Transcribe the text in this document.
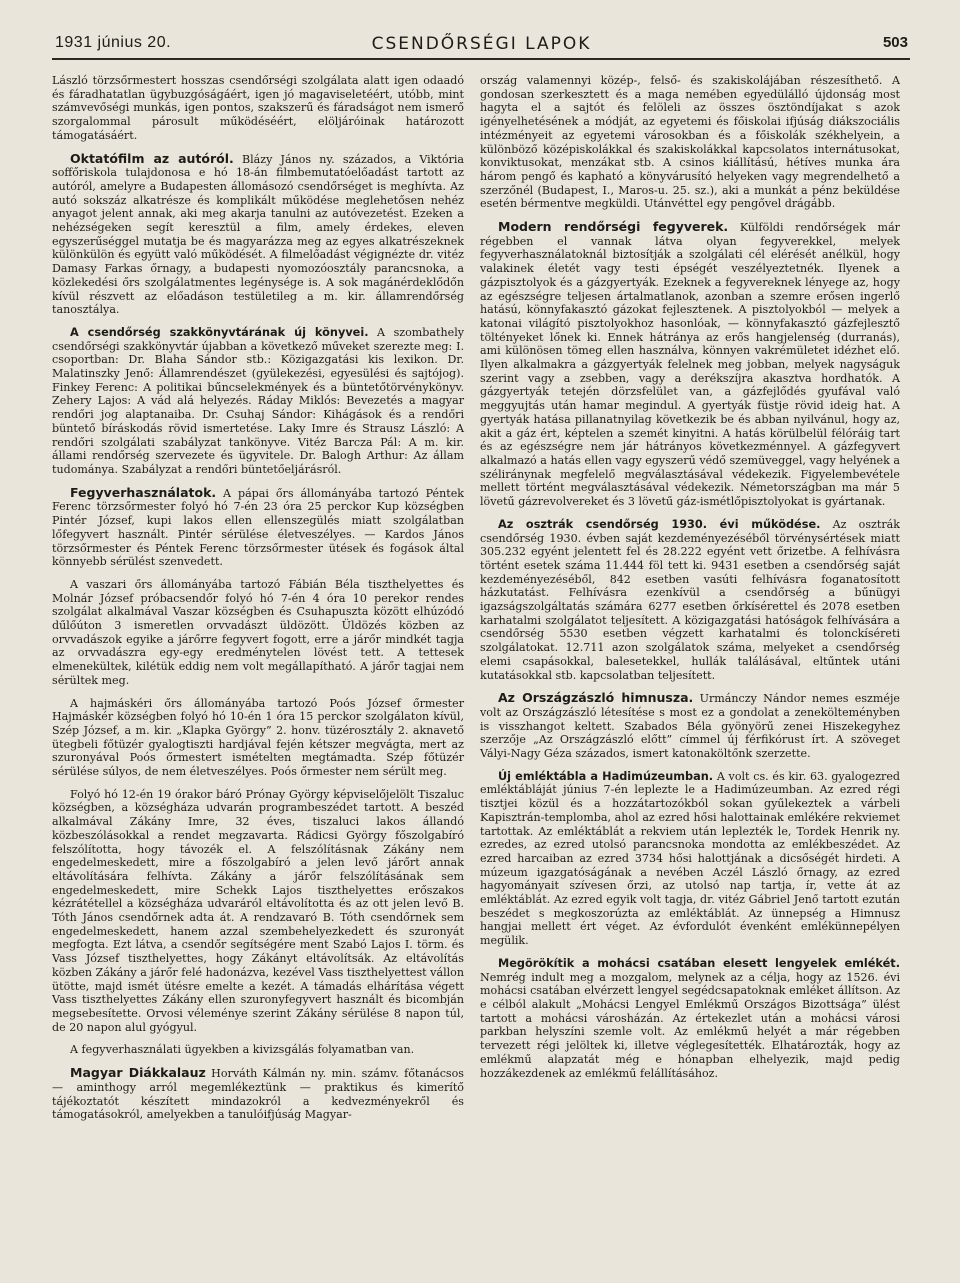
1931 június 20.	CSENDŐRSÉGI LAPOK	503

László törzsőrmestert hosszas csendőrségi szolgálata alatt igen odaadó és fáradhatatlan ügybuzgóságáért, igen jó magaviseletéért, utóbb, mint számvevőségi munkás, igen pontos, szakszerű és fáradságot nem ismerő szorgalommal párosult működéséért, elöljáróinak határozott támogatásáért.

Oktatófilm az autóról. Blázy János ny. százados, a Viktória soffőriskola tulajdonosa e hó 18-án filmbemutatóelőadást tartott az autóról, amelyre a Budapesten állomásozó csendőrséget is meghívta. Az autó sokszáz alkatrésze és komplikált működése meglehetősen nehéz anyagot jelent annak, aki meg akarja tanulni az autóvezetést. Ezeken a nehézségeken segít keresztül a film, amely érdekes, eleven egyszerűséggel mutatja be és magyarázza meg az egyes alkatrészeknek különkülön és együtt való működését. A filmelőadást végignézte dr. vitéz Damasy Farkas őrnagy, a budapesti nyomozóosztály parancsnoka, a közlekedési őrs szolgálatmentes legénysége is. A sok magánérdeklődőn kívül részvett az előadáson testületileg a m. kir. államrendőrség tanosztálya.

A csendőrség szakkönyvtárának új könyvei. A szombathely csendőrségi szakkönyvtár újabban a következő műveket szerezte meg: I. csoportban: Dr. Blaha Sándor stb.: Közigazgatási kis lexikon. Dr. Malatinszky Jenő: Államrendészet (gyülekezési, egyesülési és sajtójog). Finkey Ferenc: A politikai bűncselekmények és a büntetőtörvénykönyv. Zehery Lajos: A vád alá helyezés. Ráday Miklós: Bevezetés a magyar rendőri jog alaptanaiba. Dr. Csuhaj Sándor: Kihágások és a rendőri büntető bíráskodás rövid ismertetése. Laky Imre és Strausz László: A rendőri szolgálati szabályzat tankönyve. Vitéz Barcza Pál: A m. kir. állami rendőrség szervezete és ügyvitele. Dr. Balogh Arthur: Az állam tudománya. Szabályzat a rendőri büntetőeljárásról.

Fegyverhasználatok. A pápai őrs állományába tartozó Péntek Ferenc törzsőrmester folyó hó 7-én 23 óra 25 perckor Kup községben Pintér József, kupi lakos ellen ellenszegülés miatt szolgálatban lőfegyvert használt. Pintér sérülése életveszélyes. — Kardos János törzsőrmester és Péntek Ferenc törzsőrmester ütések és fogások által könnyebb sérülést szenvedett.

A vaszari őrs állományába tartozó Fábián Béla tiszthelyettes és Molnár József próbacsendőr folyó hó 7-én 4 óra 10 perekor rendes szolgálat alkalmával Vaszar községben és Csuhapuszta között elhúzódó dűlőúton 3 ismeretlen orvvadászt üldözött. Üldözés közben az orvvadászok egyike a járőrre fegyvert fogott, erre a járőr mindkét tagja az orvvadászra egy-egy eredménytelen lövést tett. A tettesek elmenekültek, kilétük eddig nem volt megállapítható. A járőr tagjai nem sérültek meg.

A hajmáskéri őrs állományába tartozó Poós József őrmester Hajmáskér községben folyó hó 10-én 1 óra 15 perckor szolgálaton kívül, Szép József, a m. kir. „Klapka György” 2. honv. tüzérosztály 2. aknavető ütegbeli főtüzér gyalogtiszti hardjával fején kétszer megvágta, mert az szuronyával Poós őrmestert ismételten megtámadta. Szép főtüzér sérülése súlyos, de nem életveszélyes. Poós őrmester nem sérült meg.

Folyó hó 12-én 19 órakor báró Prónay György képviselőjelölt Tiszaluc községben, a községháza udvarán programbeszédet tartott. A beszéd alkalmával Zákány Imre, 32 éves, tiszaluci lakos állandó közbeszólásokkal a rendet megzavarta. Rádicsi György főszolgabíró felszólította, hogy távozék el. A felszólításnak Zákány nem engedelmeskedett, mire a főszolgabíró a jelen levő járőrt annak eltávolítására felhívta. Zákány a járőr felszólításának sem engedelmeskedett, mire Schekk Lajos tiszthelyettes erőszakos kézrátétellel a községháza udvaráról eltávolította és az ott jelen levő B. Tóth János csendőrnek adta át. A rendzavaró B. Tóth csendőrnek sem engedelmeskedett, hanem azzal szembehelyezkedett és szuronyát megfogta. Ezt látva, a csendőr segítségére ment Szabó Lajos I. törm. és Vass József tiszthelyettes, hogy Zákányt eltávolítsák. Az eltávolítás közben Zákány a járőr felé hadonázva, kezével Vass tiszthelyettest vállon ütötte, majd ismét ütésre emelte a kezét. A támadás elhárítása végett Vass tiszthelyettes Zákány ellen szuronyfegyvert használt és bicombján megsebesítette. Orvosi véleménye szerint Zákány sérülése 8 napon túl, de 20 napon alul gyógyul.

A fegyverhasználati ügyekben a kivizsgálás folyamatban van.

Magyar Diákkalauz Horváth Kálmán ny. min. számv. főtanácsos — aminthogy arról megemlékeztünk — praktikus és kimerítő tájékoztatót készített mindazokról a kedvezményekről és támogatásokról, amelyekben a tanulóifjúság Magyar-

ország valamennyi közép-, felső- és szakiskolájában részesíthető. A gondosan szerkesztett és a maga nemében egyedülálló újdonság most hagyta el a sajtót és felöleli az összes ösztöndíjakat s azok igényelhetésének a módját, az egyetemi és főiskolai ifjúság diákszociális intézményeit az egyetemi városokban és a főiskolák székhelyein, a különböző középiskolákkal és szakiskolákkal kapcsolatos internátusokat, konviktusokat, menzákat stb. A csinos kiállítású, hétíves munka ára három pengő és kapható a könyvárusító helyeken vagy megrendelhető a szerzőnél (Budapest, I., Maros-u. 25. sz.), aki a munkát a pénz beküldése esetén bérmentve megküldi. Utánvéttel egy pengővel drágább.

Modern rendőrségi fegyverek. Külföldi rendőrségek már régebben el vannak látva olyan fegyverekkel, melyek fegyverhasználatoknál biztosítják a szolgálati cél elérését anélkül, hogy valakinek életét vagy testi épségét veszélyeztetnék. Ilyenek a gázpisztolyok és a gázgyertyák. Ezeknek a fegyvereknek lényege az, hogy az egészségre teljesen ártalmatlanok, azonban a szemre erősen ingerlő hatású, könnyfakasztó gázokat fejlesztenek. A pisztolyokból — melyek a katonai világító pisztolyokhoz hasonlóak, — könnyfakasztó gázfejlesztő töltényeket lőnek ki. Ennek hátránya az erős hangjelenség (durranás), ami különösen tömeg ellen használva, könnyen vakrémületet idézhet elő. Ilyen alkalmakra a gázgyertyák felelnek meg jobban, melyek nagyságuk szerint vagy a zsebben, vagy a derékszíjra akasztva hordhatók. A gázgyertyák tetején dörzsfelület van, a gázfejlődés gyufával való meggyujtás után hamar megindul. A gyertyák füstje rövid ideig hat. A gyertyák hatása pillanatnyilag következik be és abban nyilvánul, hogy az, akit a gáz ért, képtelen a szemét kinyitni. A hatás körülbelül félóráig tart és az egészségre nem jár hátrányos következménnyel. A gázfegyvert alkalmazó a hatás ellen vagy egyszerű védő szemüveggel, vagy helyének a széliránynak megfelelő megválasztásával védekezik. Figyelembevétele mellett történt megválasztásával védekezik. Németországban ma már 5 lövetű gázrevolvereket és 3 lövetű gáz-ismétlőpisztolyokat is gyártanak.

Az osztrák csendőrség 1930. évi működése. Az osztrák csendőrség 1930. évben saját kezdeményezéséből törvénysértések miatt 305.232 egyént jelentett fel és 28.222 egyént vett őrizetbe. A felhívásra történt esetek száma 11.444 föl tett ki. 9431 esetben a csendőrség saját kezdeményezéséből, 842 esetben vasúti felhívásra foganatosított házkutatást. Felhívásra ezenkívül a csendőrség a bűnügyi igazságszolgáltatás számára 6277 esetben őrkísérettel és 2078 esetben karhatalmi szolgálatot teljesített. A közigazgatási hatóságok felhívására a csendőrség 5530 esetben végzett karhatalmi és tolonckíséreti szolgálatokat. 12.711 azon szolgálatok száma, melyeket a csendőrség elemi csapásokkal, balesetekkel, hullák találásával, eltűntek utáni kutatásokkal stb. kapcsolatban teljesített.

Az Országzászló himnusza. Urmánczy Nándor nemes eszméje volt az Országzászló létesítése s most ez a gondolat a zenekölteményben is visszhangot keltett. Szabados Béla gyönyörű zenei Hiszekegyhez szerzője „Az Országzászló előtt” címmel új férfikórust írt. A szöveget Vályi-Nagy Géza százados, ismert katonaköltőnk szerzette.

Új emléktábla a Hadimúzeumban. A volt cs. és kir. 63. gyalogezred emléktábláját június 7-én leplezte le a Hadimúzeumban. Az ezred régi tisztjei közül és a hozzátartozókból sokan gyűlekeztek a várbeli Kapisztrán-templomba, ahol az ezred hősi halottainak emlékére rekviemet tartottak. Az emléktáblát a rekviem után leplezték le, Tordek Henrik ny. ezredes, az ezred utolsó parancsnoka mondotta az emlékbeszédet. Az ezred harcaiban az ezred 3734 hősi halottjának a dicsőségét hirdeti. A múzeum igazgatóságának a nevében Aczél László őrnagy, az ezred hagyományait szívesen őrzi, az utolsó nap tartja, ír, vette át az emléktáblát. Az ezred egyik volt tagja, dr. vitéz Gábriel Jenő tartott ezután beszédet s megkoszorúzta az emléktáblát. Az ünnepség a Himnusz hangjai mellett ért véget. Az évfordulót évenként emlékünnepélyen megülik.

Megörökítik a mohácsi csatában elesett lengyelek emlékét. Nemrég indult meg a mozgalom, melynek az a célja, hogy az 1526. évi mohácsi csatában elvérzett lengyel segédcsapatoknak emléket állítson. Az e célból alakult „Mohácsi Lengyel Emlékmű Országos Bizottsága” ülést tartott a mohácsi városházán. Az értekezlet után a mohácsi városi parkban helyszíni szemle volt. Az emlékmű helyét a már régebben tervezett régi jelöltek ki, illetve véglegesítették. Elhatározták, hogy az emlékmű alapzatát még e hónapban elhelyezik, majd pedig hozzákezdenek az emlékmű felállításához.
